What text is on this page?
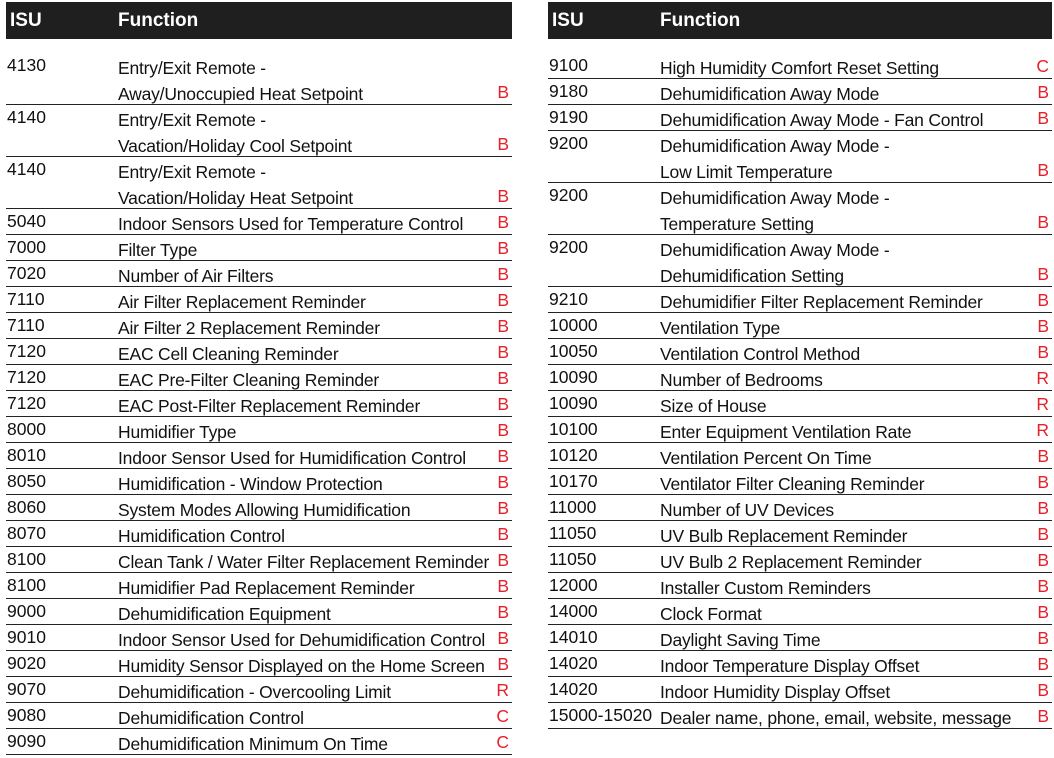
ISU	Function
4130	Entry/Exit Remote -
Away/Unoccupied Heat Setpoint	B
4140	Entry/Exit Remote -
Vacation/Holiday Cool Setpoint	B
4140	Entry/Exit Remote -
Vacation/Holiday Heat Setpoint	B
5040	Indoor Sensors Used for Temperature Control B
7000	Filter Type	B
7020	Number of Air Filters	B
7110	Air Filter Replacement Reminder	B
7110	Air Filter 2 Replacement Reminder	B
7120	EAC Cell Cleaning Reminder	B
7120	EAC Pre-Filter Cleaning Reminder	B
7120	EAC Post-Filter Replacement Reminder	B
8000	Humidifier Type	B
8010	Indoor Sensor Used for Humidification Control B
8050	Humidification - Window Protection	B
8060	System Modes Allowing Humidification	B
8070	Humidification Control	B
8100	Clean Tank / Water Filter Replacement Reminder B
8100	Humidifier Pad Replacement Reminder	B
9000	Dehumidification Equipment	B
9010	Indoor Sensor Used for Dehumidification Control B
9020	Humidity Sensor Displayed on the Home Screen B
9070	Dehumidification - Overcooling Limit	R
9080	Dehumidification Control	C
9090	Dehumidification Minimum On Time	C
ISU	Function
9100	High Humidity Comfort Reset Setting	C
9180	Dehumidification Away Mode	B
9190	Dehumidification Away Mode - Fan Control	B
9200	Dehumidification Away Mode -
Low Limit Temperature	B
9200	Dehumidification Away Mode -
Temperature Setting	B
9200	Dehumidification Away Mode -
Dehumidification Setting	B
9210	Dehumidifier Filter Replacement Reminder	B
10000	Ventilation Type	B
10050	Ventilation Control Method	B
10090	Number of Bedrooms	R
10090	Size of House	R
10100	Enter Equipment Ventilation Rate	R
10120	Ventilation Percent On Time	B
10170	Ventilator Filter Cleaning Reminder	B
11000	Number of UV Devices	B
11050	UV Bulb Replacement Reminder	B
11050	UV Bulb 2 Replacement Reminder	B
12000	Installer Custom Reminders	B
14000	Clock Format	B
14010	Daylight Saving Time	B
14020	Indoor Temperature Display Offset	B
14020	Indoor Humidity Display Offset	B
15000-15020 Dealer name, phone, email, website, message B
